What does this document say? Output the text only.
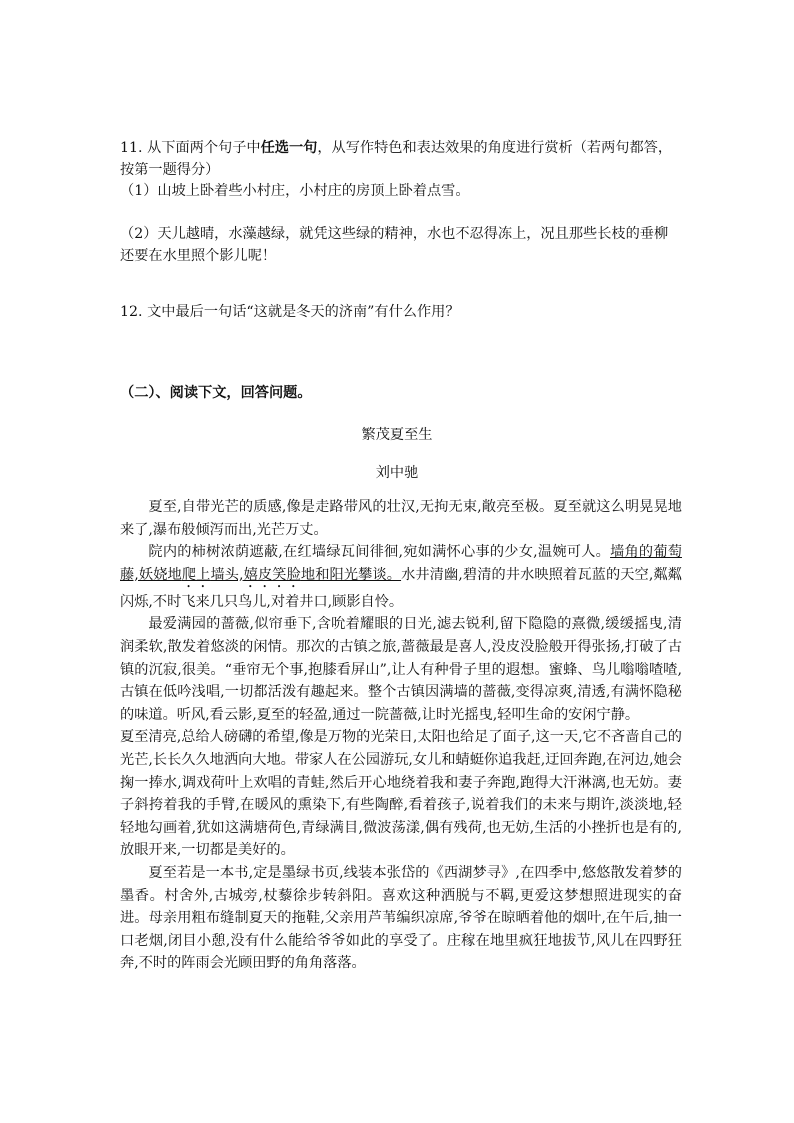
11. 从下面两个句子中任选一句，从写作特色和表达效果的角度进行赏析（若两句都答，按第一题得分）
（1）山坡上卧着些小村庄，小村庄的房顶上卧着点雪。
（2）天儿越晴，水藻越绿，就凭这些绿的精神，水也不忍得冻上，况且那些长枝的垂柳还要在水里照个影儿呢！
12. 文中最后一句话“这就是冬天的济南”有什么作用？
（二）、阅读下文，回答问题。
繁茂夏至生
刘中驰

夏至,自带光芒的质感,像是走路带风的壮汉,无拘无束,敞亮至极。夏至就这么明晃晃地来了,瀑布般倾泻而出,光芒万丈。

院内的柿树浓荫遮蔽,在红墙绿瓦间徘徊,宛如满怀心事的少女,温婉可人。墙角的葡萄藤,妖娆地爬上墙头,嬉皮笑脸地和阳光攀谈。水井清幽,碧清的井水映照着瓦蓝的天空,粼粼闪烁,不时飞来几只鸟儿,对着井口,顾影自怜。

最爱满园的蔷薇,似帘垂下,含吮着耀眼的日光,滤去锐利,留下隐隐的熹微,缓缓摇曳,清润柔软,散发着悠淡的闲情。那次的古镇之旅,蔷薇最是喜人,没皮没脸般开得张扬,打破了古镇的沉寂,很美。“垂帘无个事,抱膝看屏山”,让人有种骨子里的遐想。蜜蜂、鸟儿嗡嗡喳喳,古镇在低吟浅唱,一切都活泼有趣起来。整个古镇因满墙的蔷薇,变得凉爽,清透,有满怀隐秘的味道。听风,看云影,夏至的轻盈,通过一院蔷薇,让时光摇曳,轻叩生命的安闲宁静。

夏至清亮,总给人磅礴的希望,像是万物的光荣日,太阳也给足了面子,这一天,它不吝啬自己的光芒,长长久久地洒向大地。带家人在公园游玩,女儿和蜻蜓你追我赶,迂回奔跑,在河边,她会掬一捧水,调戏荷叶上欢唱的青蛙,然后开心地绕着我和妻子奔跑,跑得大汗淋漓,也无妨。妻子斜挎着我的手臂,在暖风的熏染下,有些陶醉,看着孩子,说着我们的未来与期许,淡淡地,轻轻地勾画着,犹如这满塘荷色,青绿满目,微波荡漾,偶有残荷,也无妨,生活的小挫折也是有的,放眼开来,一切都是美好的。

夏至若是一本书,定是墨绿书页,线装本张岱的《西湖梦寻》,在四季中,悠悠散发着梦的墨香。村舍外,古城旁,杖藜徐步转斜阳。喜欢这种洒脱与不羁,更爱这梦想照进现实的奋进。母亲用粗布缝制夏天的拖鞋,父亲用芦苇编织凉席,爷爷在晾晒着他的烟叶,在午后,抽一口老烟,闭目小憩,没有什么能给爷爷如此的享受了。庄稼在地里疯狂地拔节,风儿在四野狂奔,不时的阵雨会光顾田野的角角落落。
